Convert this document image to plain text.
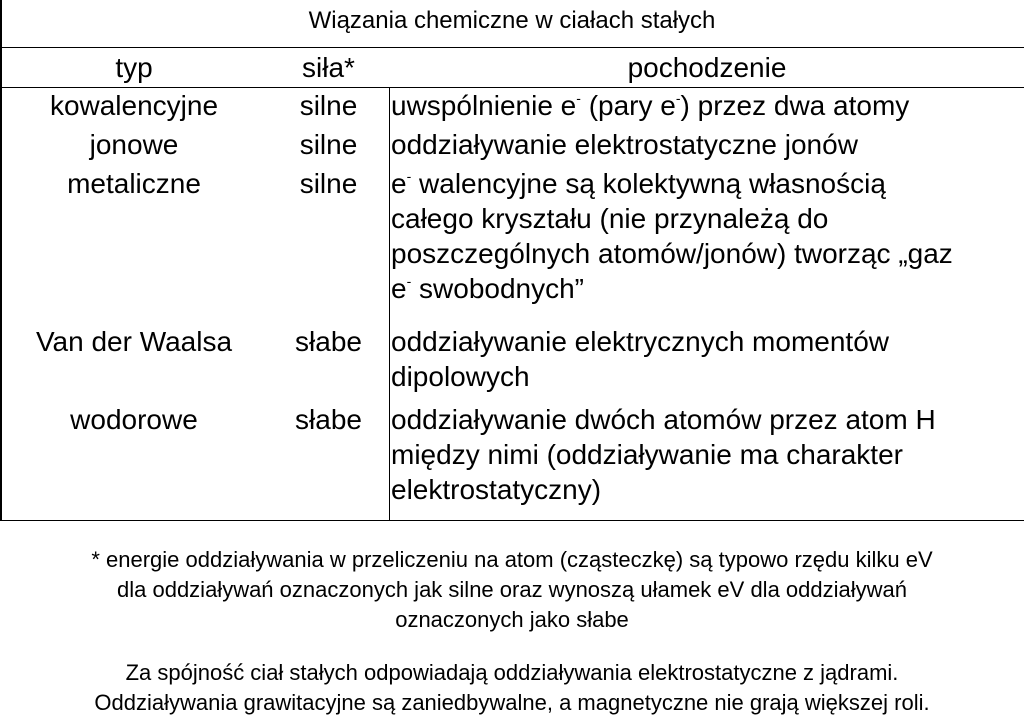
Wiązania chemiczne w ciałach stałych
typ	siła*	pochodzenie
kowalencyjne	silne	uwspólnienie e- (pary e-) przez dwa atomy
jonowe	silne	oddziaływanie elektrostatyczne jonów
metaliczne	silne	e- walencyjne są kolektywną własnością
całego kryształu (nie przynależą do
poszczególnych atomów/jonów) tworząc „gaz
e- swobodnych”
Van der Waalsa	słabe	oddziaływanie elektrycznych momentów
dipolowych
wodorowe	słabe	oddziaływanie dwóch atomów przez atom H
między nimi (oddziaływanie ma charakter
elektrostatyczny)
* energie oddziaływania w przeliczeniu na atom (cząsteczkę) są typowo rzędu kilku eV
dla oddziaływań oznaczonych jak silne oraz wynoszą ułamek eV dla oddziaływań
oznaczonych jako słabe
Za spójność ciał stałych odpowiadają oddziaływania elektrostatyczne z jądrami.
Oddziaływania grawitacyjne są zaniedbywalne, a magnetyczne nie grają większej roli.
